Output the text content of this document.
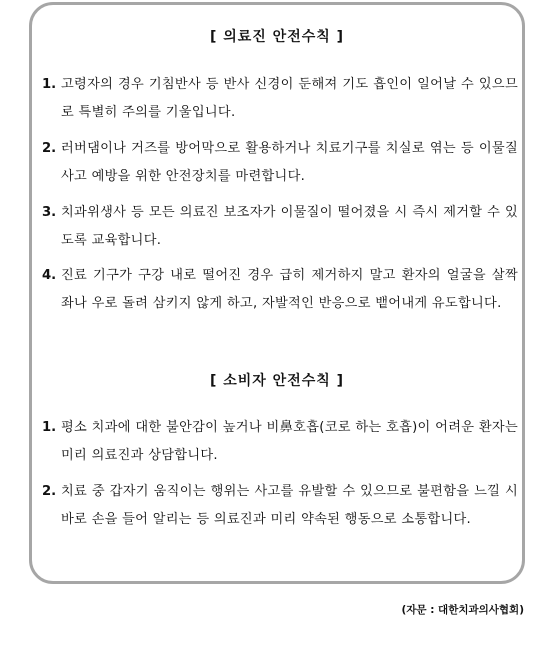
[ 의료진 안전수칙 ]
1. 고령자의 경우 기침반사 등 반사 신경이 둔해져 기도 흡인이 일어날 수 있으므로 특별히 주의를 기울입니다.
2. 러버댐이나 거즈를 방어막으로 활용하거나 치료기구를 치실로 엮는 등 이물질 사고 예방을 위한 안전장치를 마련합니다.
3. 치과위생사 등 모든 의료진 보조자가 이물질이 떨어졌을 시 즉시 제거할 수 있도록 교육합니다.
4. 진료 기구가 구강 내로 떨어진 경우 급히 제거하지 말고 환자의 얼굴을 살짝 좌나 우로 돌려 삼키지 않게 하고, 자발적인 반응으로 뱉어내게 유도합니다.
[ 소비자 안전수칙 ]
1. 평소 치과에 대한 불안감이 높거나 비鼻호흡(코로 하는 호흡)이 어려운 환자는 미리 의료진과 상담합니다.
2. 치료 중 갑자기 움직이는 행위는 사고를 유발할 수 있으므로 불편함을 느낄 시 바로 손을 들어 알리는 등 의료진과 미리 약속된 행동으로 소통합니다.
(자문 : 대한치과의사협회)
